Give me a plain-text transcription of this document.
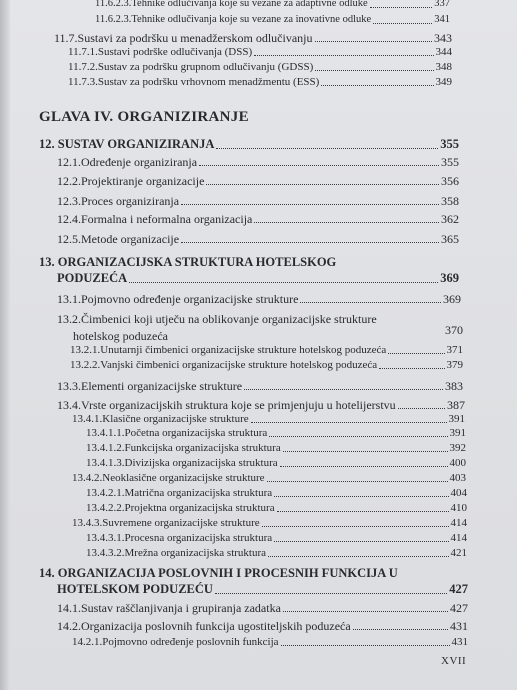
11.6.2.3.Tehnike odlučivanja koje su vezane za adaptivne odluke	337
11.6.2.3.Tehnike odlučivanja koje su vezane za inovativne odluke	341
11.7.Sustavi za podršku u menadžerskom odlučivanju	343
11.7.1.Sustavi podrške odlučivanja (DSS)	344
11.7.2.Sustav za podršku grupnom odlučivanju (GDSS)	348
11.7.3.Sustav za podršku vrhovnom menadžmentu (ESS)	349
GLAVA IV. ORGANIZIRANJE
12. SUSTAV ORGANIZIRANJA	355
12.1.Određenje organiziranja	355
12.2.Projektiranje organizacije	356
12.3.Proces organiziranja	358
12.4.Formalna i neformalna organizacija	362
12.5.Metode organizacije	365
13. ORGANIZACIJSKA STRUKTURA HOTELSKOG
PODUZEĆA	369
13.1.Pojmovno određenje organizacijske strukture	369
13.2.Čimbenici koji utječu na oblikovanje organizacijske strukture
hotelskog poduzeća	370
13.2.1.Unutarnji čimbenici organizacijske strukture hotelskog poduzeća	371
13.2.2.Vanjski čimbenici organizacijske strukture hotelskog poduzeća	379
13.3.Elementi organizacijske strukture	383
13.4.Vrste organizacijskih struktura koje se primjenjuju u hotelijerstvu	387
13.4.1.Klasične organizacijske strukture	391
13.4.1.1.Početna organizacijska struktura	391
13.4.1.2.Funkcijska organizacijska struktura	392
13.4.1.3.Divizijska organizacijska struktura	400
13.4.2.Neoklasične organizacijske strukture	403
13.4.2.1.Matrična organizacijska struktura	404
13.4.2.2.Projektna organizacijska struktura	410
13.4.3.Suvremene organizacijske strukture	414
13.4.3.1.Procesna organizacijska struktura	414
13.4.3.2.Mrežna organizacijska struktura	421
14. ORGANIZACIJA POSLOVNIH I PROCESNIH FUNKCIJA U
HOTELSKOM PODUZEĆU	427
14.1.Sustav raščlanjivanja i grupiranja zadatka	427
14.2.Organizacija poslovnih funkcija ugostiteljskih poduzeća	431
14.2.1.Pojmovno određenje poslovnih funkcija	431
XVII
